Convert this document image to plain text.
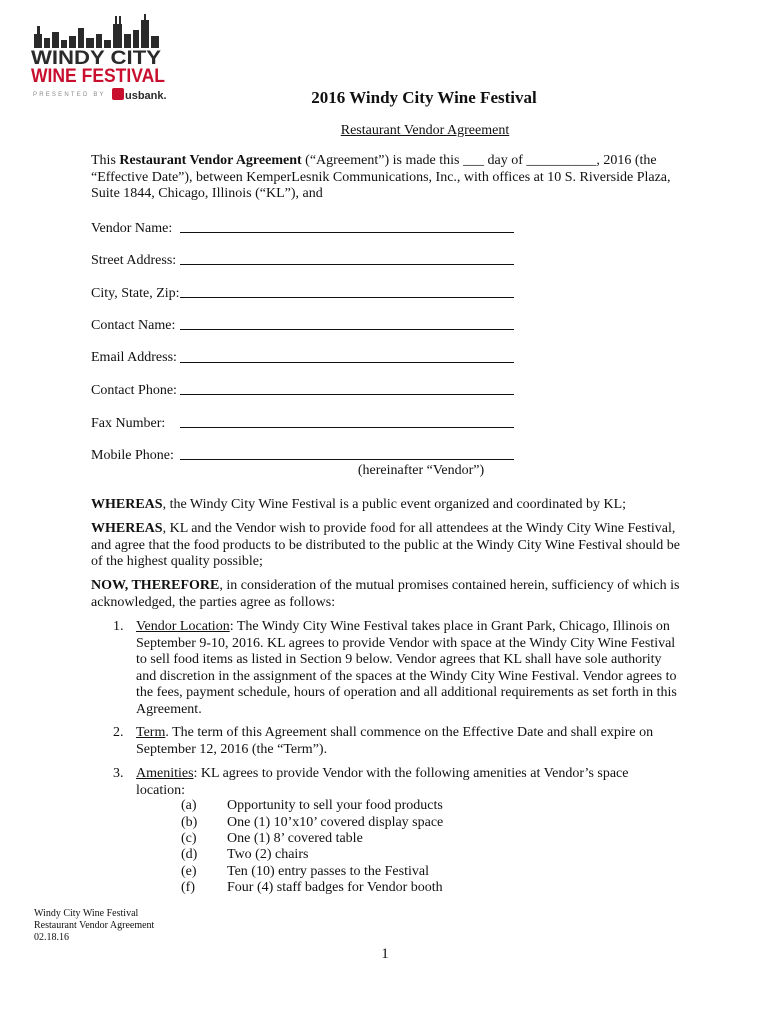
WINDY CITY
WINE FESTIVAL
PRESENTED BY usbank.	2016 Windy City Wine Festival
Restaurant Vendor Agreement
This Restaurant Vendor Agreement (“Agreement”) is made this ___ day of __________, 2016 (the
“Effective Date”), between KemperLesnik Communications, Inc., with offices at 10 S. Riverside Plaza,
Suite 1844, Chicago, Illinois (“KL”), and
Vendor Name:
Street Address:
City, State, Zip:
Contact Name:
Email Address:
Contact Phone:
Fax Number:
Mobile Phone:
(hereinafter “Vendor”)
WHEREAS, the Windy City Wine Festival is a public event organized and coordinated by KL;
WHEREAS, KL and the Vendor wish to provide food for all attendees at the Windy City Wine Festival,
and agree that the food products to be distributed to the public at the Windy City Wine Festival should be
of the highest quality possible;
NOW, THEREFORE, in consideration of the mutual promises contained herein, sufficiency of which is
acknowledged, the parties agree as follows:
1. Vendor Location: The Windy City Wine Festival takes place in Grant Park, Chicago, Illinois on
September 9-10, 2016. KL agrees to provide Vendor with space at the Windy City Wine Festival
to sell food items as listed in Section 9 below. Vendor agrees that KL shall have sole authority
and discretion in the assignment of the spaces at the Windy City Wine Festival. Vendor agrees to
the fees, payment schedule, hours of operation and all additional requirements as set forth in this
Agreement.
2. Term. The term of this Agreement shall commence on the Effective Date and shall expire on
September 12, 2016 (the “Term”).
3. Amenities: KL agrees to provide Vendor with the following amenities at Vendor’s space
location:
(a) Opportunity to sell your food products
(b) One (1) 10’x10’ covered display space
(c) One (1) 8’ covered table
(d) Two (2) chairs
(e) Ten (10) entry passes to the Festival
(f) Four (4) staff badges for Vendor booth
Windy City Wine Festival
Restaurant Vendor Agreement
02.18.16
1
